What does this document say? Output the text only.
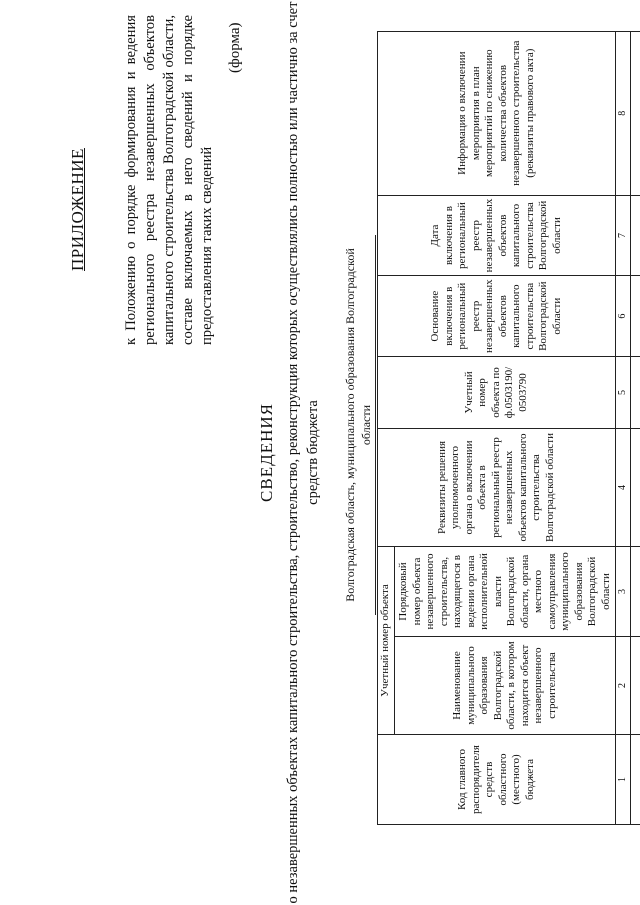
ПРИЛОЖЕНИЕ к Положению о порядке формирования и ведения регионального реестра незавершенных объектов капитального строительства Волгоградской области, составе включаемых в него сведений и порядке предоставления таких сведений
(форма)
СВЕДЕНИЯ о незавершенных объектах капитального строительства, строительство, реконструкция которых осуществлялись полностью или частично за счет средств бюджета Волгоградская область, муниципального образования Волгоградской области
Код главного распорядителя средств областного (местного) бюджета	Учетный номер объекта		Реквизиты решения уполномоченного органа о включении объекта в региональный реестр незавершенных объектов капитального строительства Волгоградской области	Учетный номер объекта по ф.0503190/ 0503790	Основание включения в региональный реестр незавершенных объектов капитального строительства Волгоградской области	Дата включения в региональный реестр незавершенных объектов капитального строительства Волгоградской области	Информация о включении мероприятия в план мероприятий по снижению количества объектов незавершенного строительства (реквизиты правового акта)
	Наименование муниципального образования Волгоградской области, в котором находится объект незавершенного строительства	Порядковый номер объекта незавершенного строительства, находящегося в ведении органа исполнительной власти Волгоградской области, органа местного самоуправления муниципального образования Волгоградской области					
1	2	3	4	5	6	7	8
